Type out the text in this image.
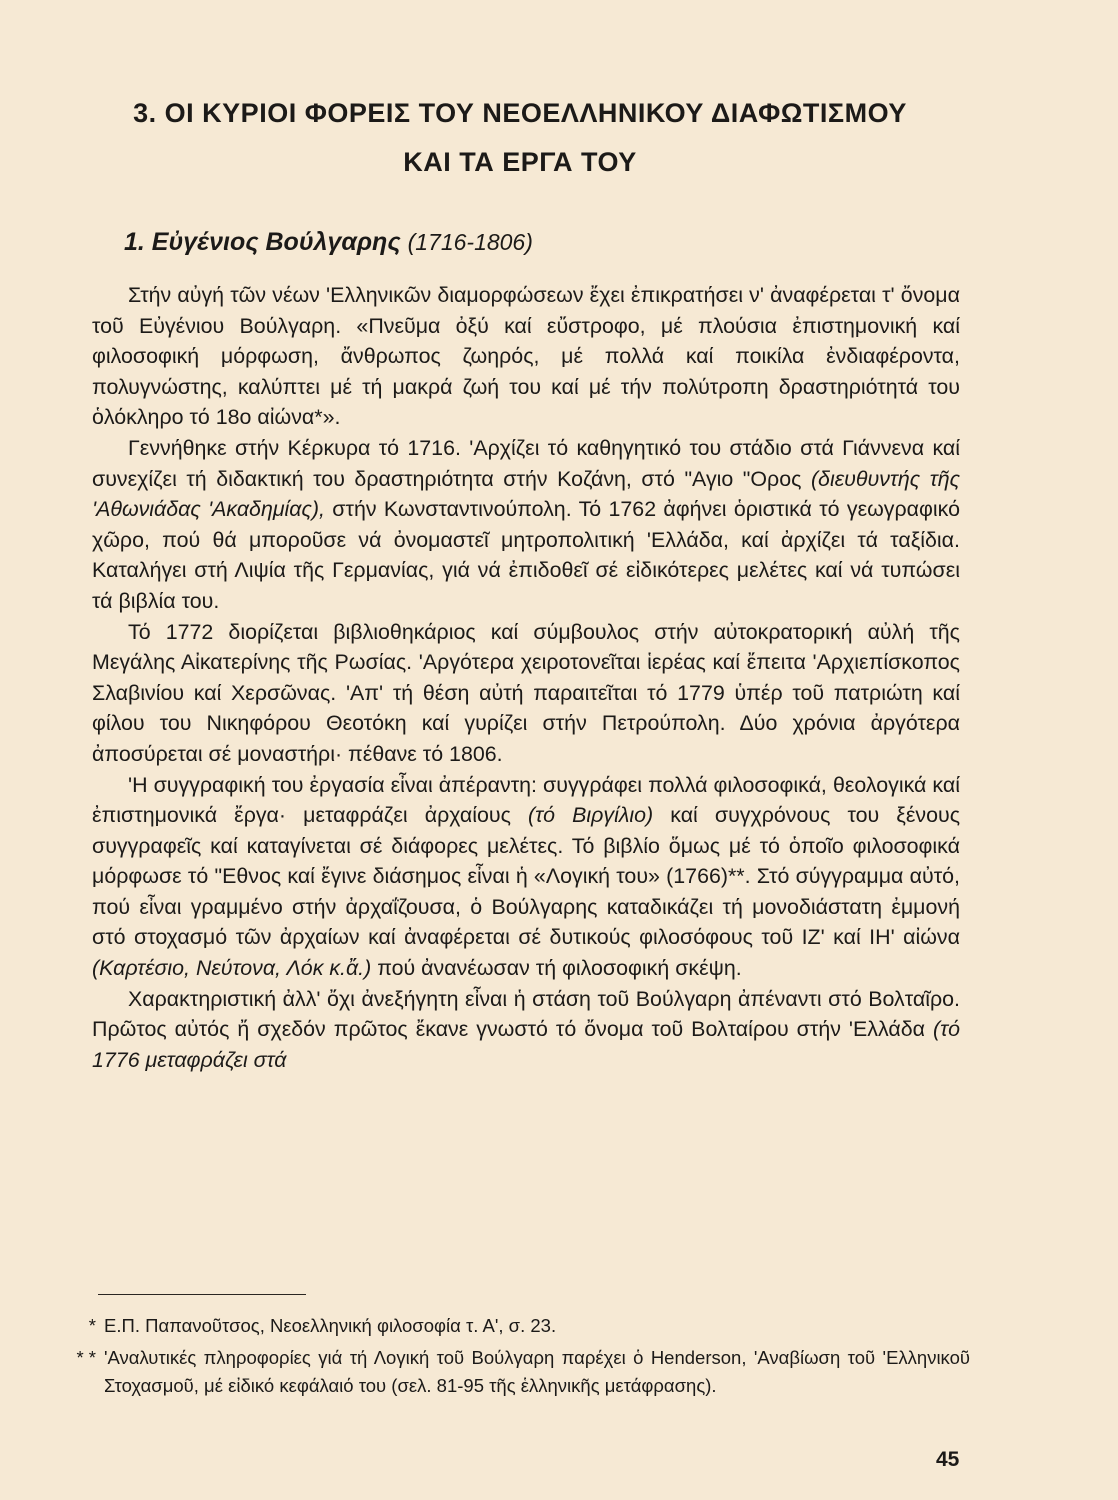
3. ΟΙ ΚΥΡΙΟΙ ΦΟΡΕΙΣ ΤΟΥ ΝΕΟΕΛΛΗΝΙΚΟΥ ΔΙΑΦΩΤΙΣΜΟΥ
ΚΑΙ ΤΑ ΕΡΓΑ ΤΟΥ
1. Εὐγένιος Βούλγαρης (1716-1806)

Στήν αὐγή τῶν νέων 'Ελληνικῶν διαμορφώσεων ἔχει ἐπικρατήσει ν' ἀναφέρεται τ' ὄνομα τοῦ Εὐγένιου Βούλγαρη. «Πνεῦμα ὀξύ καί εὔστροφο, μέ πλούσια ἐπιστημονική καί φιλοσοφική μόρφωση, ἄνθρωπος ζωηρός, μέ πολλά καί ποικίλα ἐνδιαφέροντα, πολυγνώστης, καλύπτει μέ τή μακρά ζωή του καί μέ τήν πολύτροπη δραστηριότητά του ὁλόκληρο τό 18ο αἰώνα*».

Γεννήθηκε στήν Κέρκυρα τό 1716. 'Αρχίζει τό καθηγητικό του στάδιο στά Γιάννενα καί συνεχίζει τή διδακτική του δραστηριότητα στήν Κοζάνη, στό "Αγιο "Ορος (διευθυντής τῆς 'Αθωνιάδας 'Ακαδημίας), στήν Κωνσταντινούπολη. Τό 1762 ἀφήνει ὁριστικά τό γεωγραφικό χῶρο, πού θά μποροῦσε νά ὀνομαστεῖ μητροπολιτική 'Ελλάδα, καί ἀρχίζει τά ταξίδια. Καταλήγει στή Λιψία τῆς Γερμανίας, γιά νά ἐπιδοθεῖ σέ εἰδικότερες μελέτες καί νά τυπώσει τά βιβλία του.

Τό 1772 διορίζεται βιβλιοθηκάριος καί σύμβουλος στήν αὐτοκρατορική αὐλή τῆς Μεγάλης Αἰκατερίνης τῆς Ρωσίας. 'Αργότερα χειροτονεῖται ἱερέας καί ἔπειτα 'Αρχιεπίσκοπος Σλαβινίου καί Χερσῶνας. 'Απ' τή θέση αὐτή παραιτεῖται τό 1779 ὑπέρ τοῦ πατριώτη καί φίλου του Νικηφόρου Θεοτόκη καί γυρίζει στήν Πετρούπολη. Δύο χρόνια ἀργότερα ἀποσύρεται σέ μοναστήρι· πέθανε τό 1806.

'Η συγγραφική του ἐργασία εἶναι ἀπέραντη: συγγράφει πολλά φιλοσοφικά, θεολογικά καί ἐπιστημονικά ἔργα· μεταφράζει ἀρχαίους (τό Βιργίλιο) καί συγχρόνους του ξένους συγγραφεῖς καί καταγίνεται σέ διάφορες μελέτες. Τό βιβλίο ὅμως μέ τό ὁποῖο φιλοσοφικά μόρφωσε τό "Εθνος καί ἔγινε διάσημος εἶναι ἡ «Λογική του» (1766)**. Στό σύγγραμμα αὐτό, πού εἶναι γραμμένο στήν ἀρχαΐζουσα, ὁ Βούλγαρης καταδικάζει τή μονοδιάστατη ἐμμονή στό στοχασμό τῶν ἀρχαίων καί ἀναφέρεται σέ δυτικούς φιλοσόφους τοῦ ΙΖ' καί ΙΗ' αἰώνα (Καρτέσιο, Νεύτονα, Λόκ κ.ἄ.) πού ἀνανέωσαν τή φιλοσοφική σκέψη.

Χαρακτηριστική ἀλλ' ὄχι ἀνεξήγητη εἶναι ἡ στάση τοῦ Βούλγαρη ἀπέναντι στό Βολταῖρο. Πρῶτος αὐτός ἤ σχεδόν πρῶτος ἔκανε γνωστό τό ὄνομα τοῦ Βολταίρου στήν 'Ελλάδα (τό 1776 μεταφράζει στά

* Ε.Π. Παπανοῦτσος, Νεοελληνική φιλοσοφία τ. Α', σ. 23.
* * 'Αναλυτικές πληροφορίες γιά τή Λογική τοῦ Βούλγαρη παρέχει ὁ Henderson, 'Αναβίωση τοῦ 'Ελληνικοῦ Στοχασμοῦ, μέ εἰδικό κεφάλαιό του (σελ. 81-95 τῆς ἑλληνικῆς μετάφρασης).
45
